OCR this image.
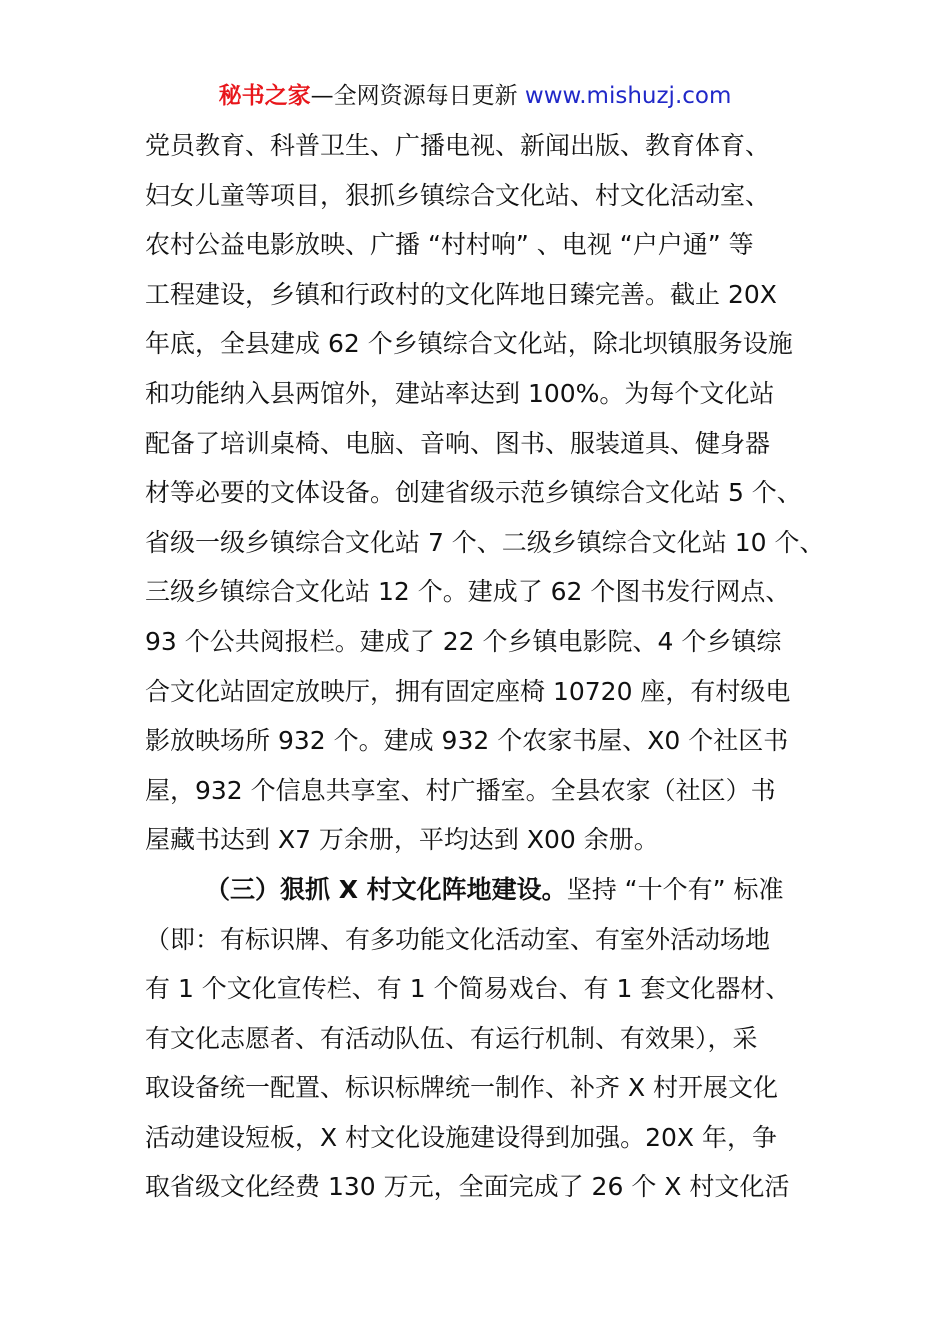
秘书之家—全网资源每日更新 www.mishuzj.com
党员教育、科普卫生、广播电视、新闻出版、教育体育、
妇女儿童等项目，狠抓乡镇综合文化站、村文化活动室、
农村公益电影放映、广播 “村村响” 、电视 “户户通” 等
工程建设，乡镇和行政村的文化阵地日臻完善。截止 20X
年底，全县建成 62 个乡镇综合文化站，除北坝镇服务设施
和功能纳入县两馆外，建站率达到 100%。为每个文化站
配备了培训桌椅、电脑、音响、图书、服装道具、健身器
材等必要的文体设备。创建省级示范乡镇综合文化站 5 个、
省级一级乡镇综合文化站 7 个、二级乡镇综合文化站 10 个、
三级乡镇综合文化站 12 个。建成了 62 个图书发行网点、
93 个公共阅报栏。建成了 22 个乡镇电影院、4 个乡镇综
合文化站固定放映厅，拥有固定座椅 10720 座，有村级电
影放映场所 932 个。建成 932 个农家书屋、X0 个社区书
屋，932 个信息共享室、村广播室。全县农家（社区）书
屋藏书达到 X7 万余册，平均达到 X00 余册。
（三）狠抓 X 村文化阵地建设。坚持 “十个有” 标准
（即：有标识牌、有多功能文化活动室、有室外活动场地
有 1 个文化宣传栏、有 1 个简易戏台、有 1 套文化器材、
有文化志愿者、有活动队伍、有运行机制、有效果），采
取设备统一配置、标识标牌统一制作、补齐 X 村开展文化
活动建设短板，X 村文化设施建设得到加强。20X 年，争
取省级文化经费 130 万元，全面完成了 26 个 X 村文化活
